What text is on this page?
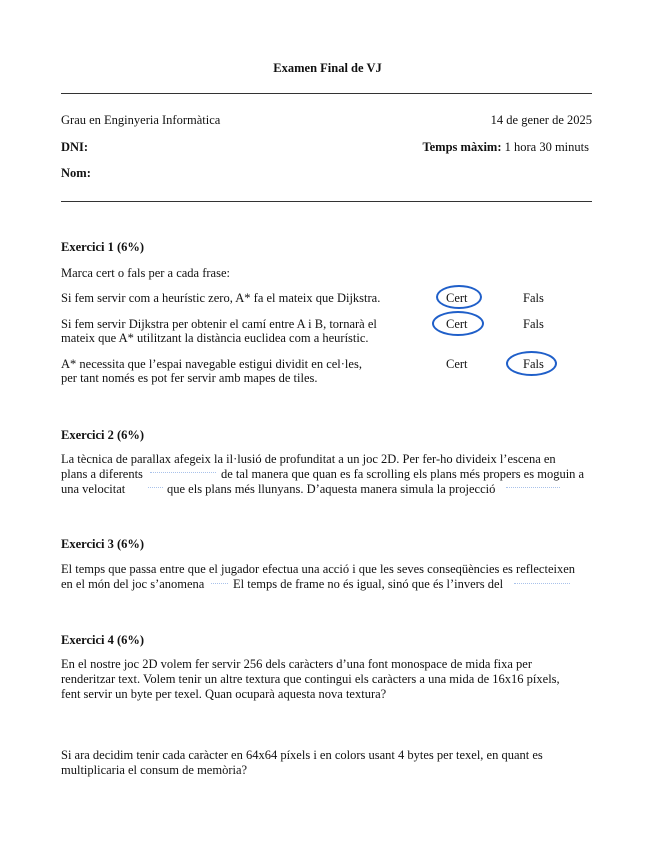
Examen Final de VJ
Grau en Enginyeria Informàtica	14 de gener de 2025
DNI:	Temps màxim: 1 hora 30 minuts
Nom:
Exercici 1 (6%)
Marca cert o fals per a cada frase:
Si fem servir com a heurístic zero, A* fa el mateix que Dijkstra.	Cert	Fals
Si fem servir Dijkstra per obtenir el camí entre A i B, tornarà el
mateix que A* utilitzant la distància euclidea com a heurístic.
Cert	Fals
A* necessita que l’espai navegable estigui dividit en cel·les,
per tant només es pot fer servir amb mapes de tiles.
Cert	Fals
Exercici 2 (6%)
La tècnica de parallax afegeix la il·lusió de profunditat a un joc 2D. Per fer-ho divideix l’escena en
plans a diferents	de tal manera que quan es fa scrolling els plans més propers es moguin a
una velocitat	que els plans més llunyans. D’aquesta manera simula la projecció
Exercici 3 (6%)
El temps que passa entre que el jugador efectua una acció i que les seves conseqüències es reflecteixen
en el món del joc s’anomena El temps de frame no és igual, sinó que és l’invers del
Exercici 4 (6%)
En el nostre joc 2D volem fer servir 256 dels caràcters d’una font monospace de mida fixa per
renderitzar text. Volem tenir un altre textura que contingui els caràcters a una mida de 16x16 píxels,
fent servir un byte per texel. Quan ocuparà aquesta nova textura?
Si ara decidim tenir cada caràcter en 64x64 píxels i en colors usant 4 bytes per texel, en quant es
multiplicaria el consum de memòria?
